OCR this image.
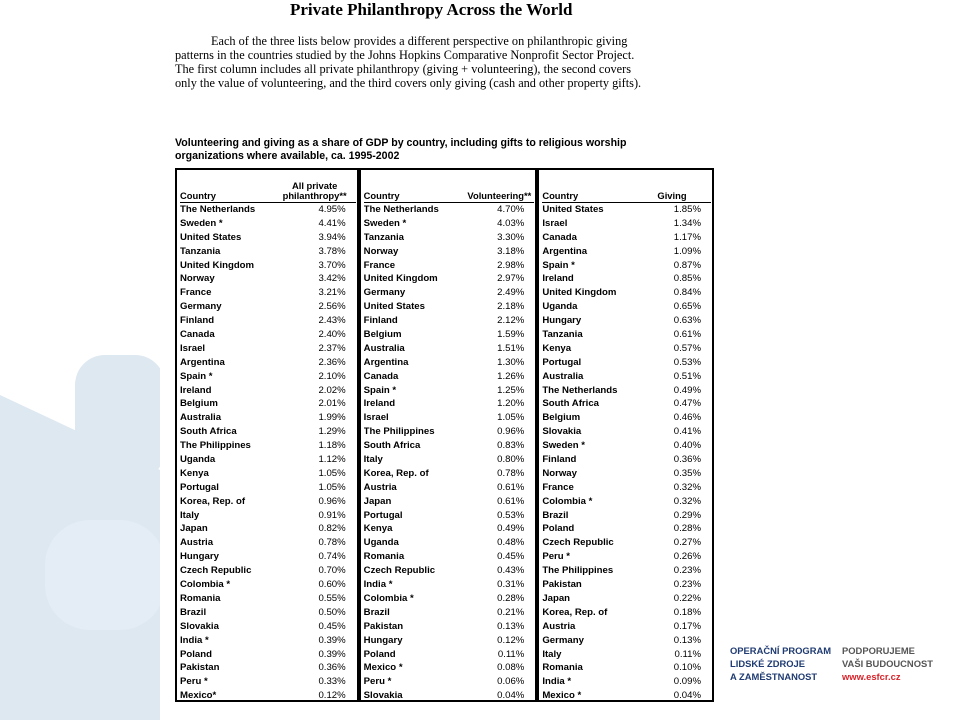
Private Philanthropy Across the World
Each of the three lists below provides a different perspective on philanthropic giving
patterns in the countries studied by the Johns Hopkins Comparative Nonprofit Sector Project.
The first column includes all private philanthropy (giving + volunteering), the second covers
only the value of volunteering, and the third covers only giving (cash and other property gifts).
Volunteering and giving as a share of GDP by country, including gifts to religious worship
organizations where available, ca. 1995-2002
Country
All private
philanthropy**
The Netherlands	4.95%
Sweden *	4.41%
United States	3.94%
Tanzania	3.78%
United Kingdom	3.70%
Norway	3.42%
France	3.21%
Germany	2.56%
Finland	2.43%
Canada	2.40%
Israel	2.37%
Argentina	2.36%
Spain *	2.10%
Ireland	2.02%
Belgium	2.01%
Australia	1.99%
South Africa	1.29%
The Philippines	1.18%
Uganda	1.12%
Kenya	1.05%
Portugal	1.05%
Korea, Rep. of	0.96%
Italy	0.91%
Japan	0.82%
Austria	0.78%
Hungary	0.74%
Czech Republic	0.70%
Colombia *	0.60%
Romania	0.55%
Brazil	0.50%
Slovakia	0.45%
India *	0.39%
Poland	0.39%
Pakistan	0.36%
Peru *	0.33%
Mexico*	0.12%
Country	Volunteering**
The Netherlands	4.70%
Sweden *	4.03%
Tanzania	3.30%
Norway	3.18%
France	2.98%
United Kingdom	2.97%
Germany	2.49%
United States	2.18%
Finland	2.12%
Belgium	1.59%
Australia	1.51%
Argentina	1.30%
Canada	1.26%
Spain *	1.25%
Ireland	1.20%
Israel	1.05%
The Philippines	0.96%
South Africa	0.83%
Italy	0.80%
Korea, Rep. of	0.78%
Austria	0.61%
Japan	0.61%
Portugal	0.53%
Kenya	0.49%
Uganda	0.48%
Romania	0.45%
Czech Republic	0.43%
India *	0.31%
Colombia *	0.28%
Brazil	0.21%
Pakistan	0.13%
Hungary	0.12%
Poland	0.11%
Mexico *	0.08%
Peru *	0.06%
Slovakia	0.04%
Country	Giving
United States	1.85%
Israel	1.34%
Canada	1.17%
Argentina	1.09%
Spain *	0.87%
Ireland	0.85%
United Kingdom	0.84%
Uganda	0.65%
Hungary	0.63%
Tanzania	0.61%
Kenya	0.57%
Portugal	0.53%
Australia	0.51%
The Netherlands	0.49%
South Africa	0.47%
Belgium	0.46%
Slovakia	0.41%
Sweden *	0.40%
Finland	0.36%
Norway	0.35%
France	0.32%
Colombia *	0.32%
Brazil	0.29%
Poland	0.28%
Czech Republic	0.27%
Peru *	0.26%
The Philippines	0.23%
Pakistan	0.23%
Japan	0.22%
Korea, Rep. of	0.18%
Austria	0.17%
Germany	0.13%
Italy	0.11%
Romania	0.10%
India *	0.09%
Mexico *	0.04%
OPERAČNÍ PROGRAM
LIDSKÉ ZDROJE
A ZAMĚSTNANOST
PODPORUJEME
VAŠI BUDOUCNOST
www.esfcr.cz
